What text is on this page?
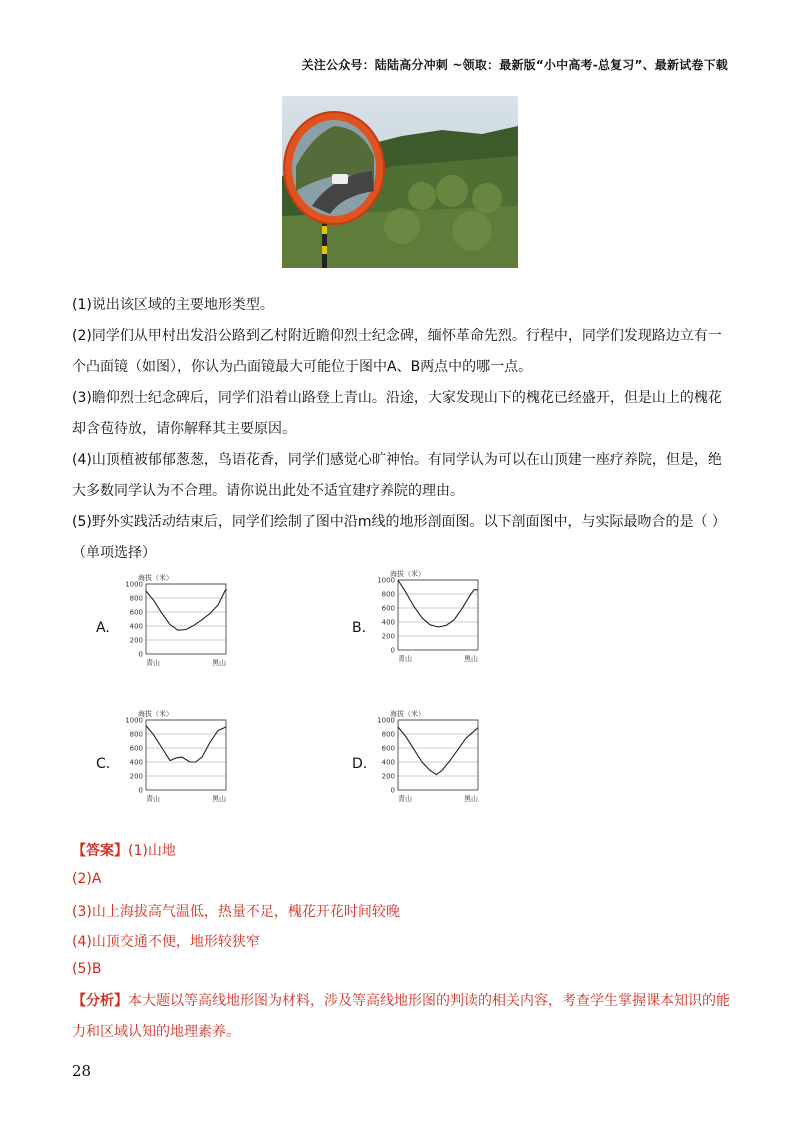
关注公众号：陆陆高分冲刺 ~领取：最新版“小中高考-总复习”、最新试卷下载
(1)说出该区域的主要地形类型。
(2)同学们从甲村出发沿公路到乙村附近瞻仰烈士纪念碑，缅怀革命先烈。行程中，同学们发现路边立有一个凸面镜（如图），你认为凸面镜最大可能位于图中A、B两点中的哪一点。
(3)瞻仰烈士纪念碑后，同学们沿着山路登上青山。沿途，大家发现山下的槐花已经盛开，但是山上的槐花却含苞待放，请你解释其主要原因。
(4)山顶植被郁郁葱葱，鸟语花香，同学们感觉心旷神怡。有同学认为可以在山顶建一座疗养院，但是，绝大多数同学认为不合理。请你说出此处不适宜建疗养院的理由。
(5)野外实践活动结束后，同学们绘制了图中沿m线的地形剖面图。以下剖面图中，与实际最吻合的是（ ）（单项选择）
A.	B.
C.	D.
海拔（米）
0
200
400
600
800
1000
青山	黑山
海拔（米）
0
200
400
600
800
1000
青山	黑山
海拔（米）
0
200
400
600
800
1000
青山	黑山
海拔（米）
0
200
400
600
800
1000
青山	黑山
【答案】(1)山地
(2)A
(3)山上海拔高气温低，热量不足，槐花开花时间较晚
(4)山顶交通不便，地形较狭窄
(5)B
【分析】本大题以等高线地形图为材料，涉及等高线地形图的判读的相关内容，考查学生掌握课本知识的能力和区域认知的地理素养。
28
